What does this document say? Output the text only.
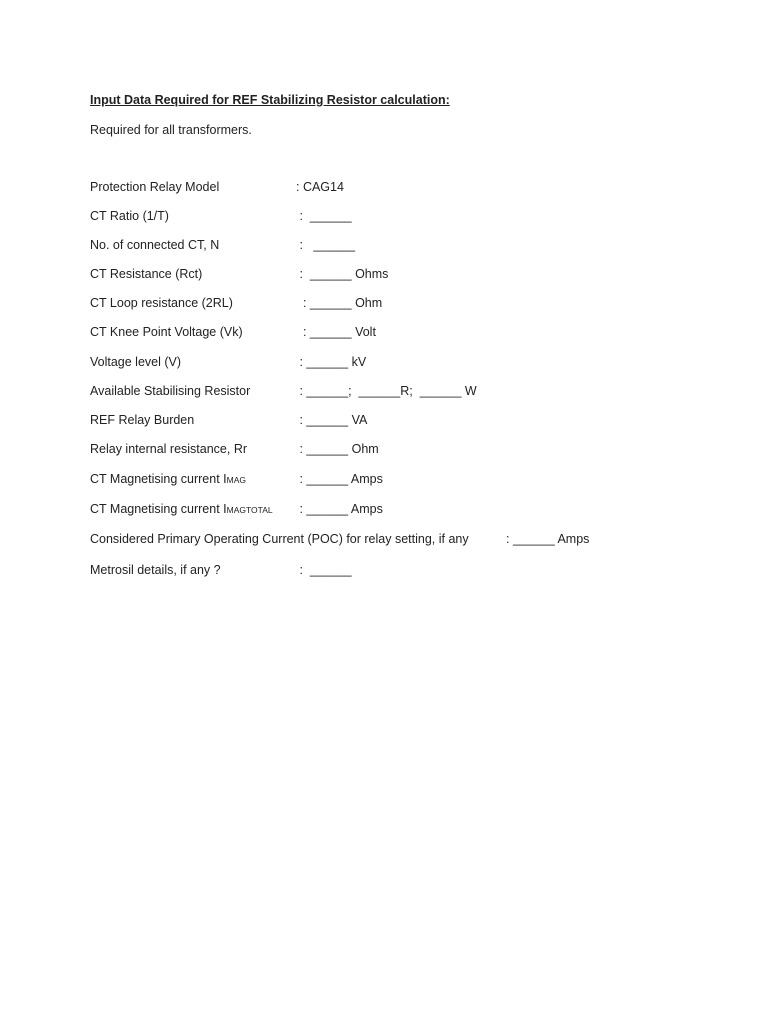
Input Data Required for REF Stabilizing Resistor calculation:
Required for all transformers.
Protection Relay Model	: CAG14
CT Ratio (1/T)	:  ______
No. of connected CT, N	:   ______
CT Resistance (Rct)	:  ______ Ohms
CT Loop resistance (2RL)	: ______ Ohm
CT Knee Point Voltage (Vk)	: ______ Volt
Voltage level (V)	: ______ kV
Available Stabilising Resistor	: ______;  ______R;  ______ W
REF Relay Burden	: ______ VA
Relay internal resistance, Rr	: ______ Ohm
CT Magnetising current IMAG	: ______ Amps
CT Magnetising current IMAGTOTAL : ______ Amps
Considered Primary Operating Current (POC) for relay setting, if any	: ______ Amps
Metrosil details, if any ?	:  ______
